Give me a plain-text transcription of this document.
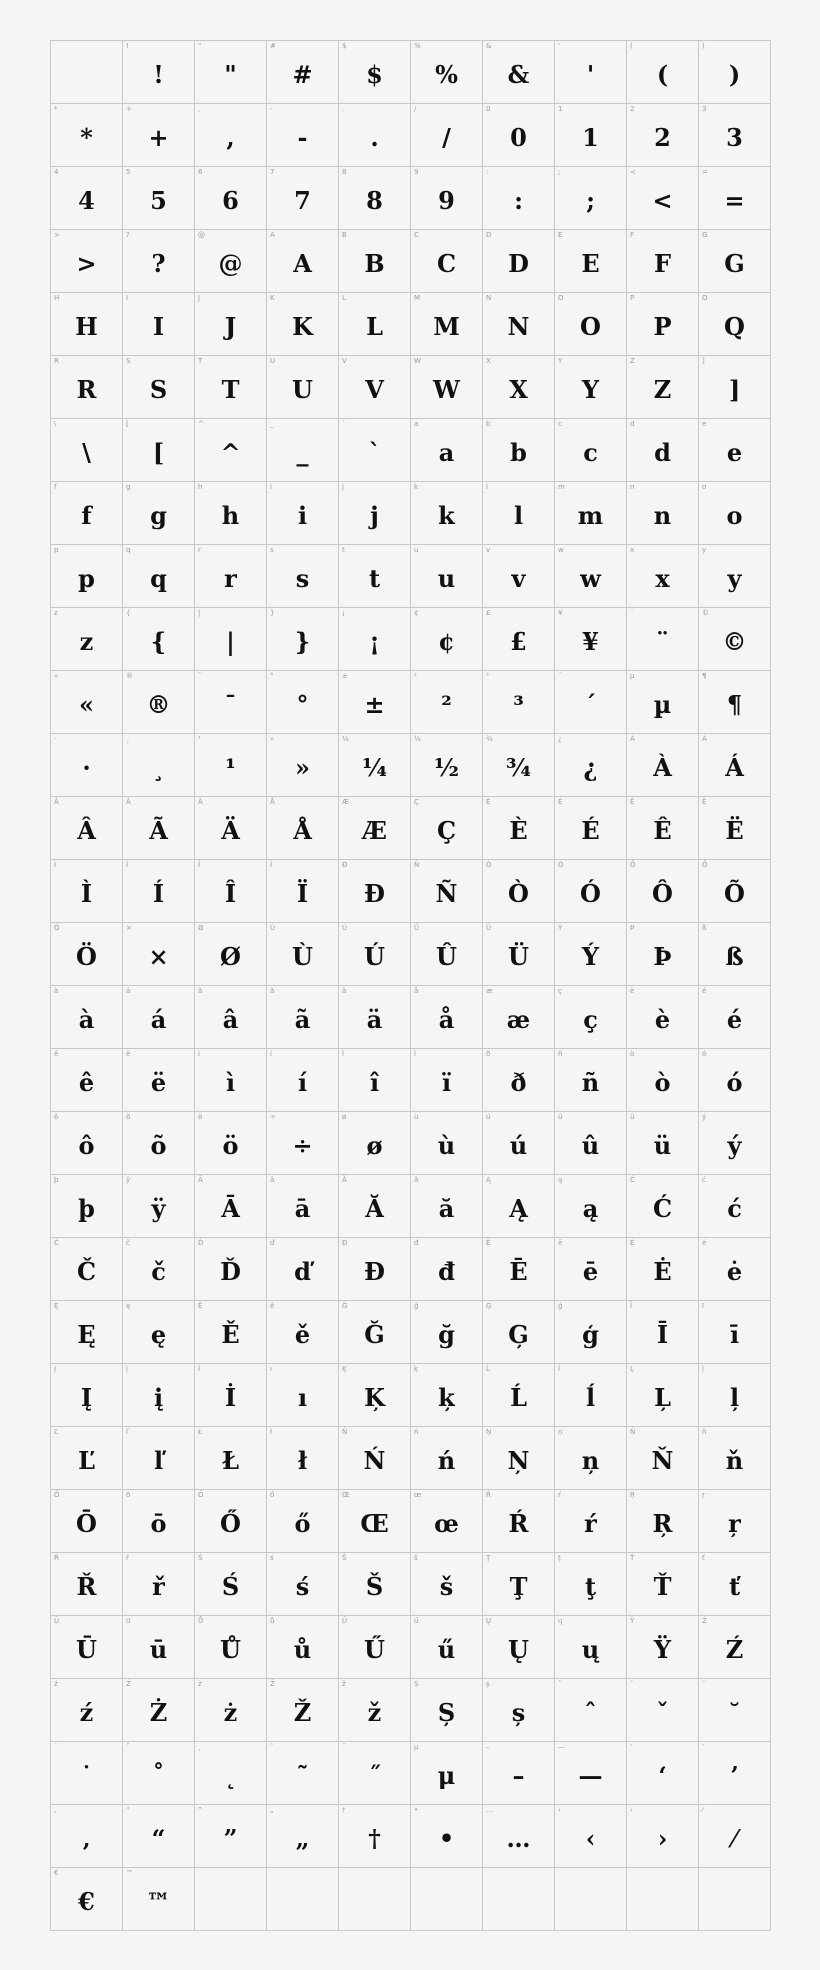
!
!
"
"
#
#
$
$
%
%
&
&
'
'
(
(
)
)
*
*
+
+
,
,
-
-
.
.
/
/
0
0
1
1
2
2
3
3
4
4
5
5
6
6
7
7
8
8
9
9
:
:
;
;
<
<
=
=
>
>
?
?
@
@
A
A
B
B
C
C
D
D
E
E
F
F
G
G
H
H
I
I
J
J
K
K
L
L
M
M
N
N
O
O
P
P
Q
Q
R
R
S
S
T
T
U
U
V
V
W
W
X
X
Y
Y
Z
Z
]
]
\
\
[
[
^
^
_
_
`
`
a
a
b
b
c
c
d
d
e
e
f
f
g
g
h
h
i
i
j
j
k
k
l
l
m
m
n
n
o
o
p
p
q
q
r
r
s
s
t
t
u
u
v
v
w
w
x
x
y
y
z
z
{
{
|
|
}
}
¡
¡
¢
¢
£
£
¥
¥
¨
¨
©
©
«
«
®
®
¯
¯
°
°
±
±
²
²
³
³
´
´
µ
µ
¶
¶
·
·
¸
¸
¹
¹
»
»
¼
¼
½
½
¾
¾
¿
¿
À
À
Á
Á
Â
Â
Ã
Ã
Ä
Ä
Å
Å
Æ
Æ
Ç
Ç
È
È
É
É
Ê
Ê
Ë
Ë
Ì
Ì
Í
Í
Î
Î
Ï
Ï
Ð
Ð
Ñ
Ñ
Ò
Ò
Ó
Ó
Ô
Ô
Õ
Õ
Ö
Ö
×
×
Ø
Ø
Ù
Ù
Ú
Ú
Û
Û
Ü
Ü
Ý
Ý
Þ
Þ
ß
ß
à
à
á
á
â
â
ã
ã
ä
ä
å
å
æ
æ
ç
ç
è
è
é
é
ê
ê
ë
ë
ì
ì
í
í
î
î
ï
ï
ð
ð
ñ
ñ
ò
ò
ó
ó
ô
ô
õ
õ
ö
ö
÷
÷
ø
ø
ù
ù
ú
ú
û
û
ü
ü
ý
ý
þ
þ
ÿ
ÿ
Ā
Ā
ā
ā
Ă
Ă
ă
ă
Ą
Ą
ą
ą
Ć
Ć
ć
ć
Č
Č
č
č
Ď
Ď
ď
ď
Đ
Đ
đ
đ
Ē
Ē
ē
ē
Ė
Ė
ė
ė
Ę
Ę
ę
ę
Ě
Ě
ě
ě
Ğ
Ğ
ğ
ğ
Ģ
Ģ
ģ
ģ
Ī
Ī
ī
ī
Į
Į
į
į
İ
İ
ı
ı
Ķ
Ķ
ķ
ķ
Ĺ
Ĺ
ĺ
ĺ
Ļ
Ļ
ļ
ļ
Ľ
Ľ
ľ
ľ
Ł
Ł
ł
ł
Ń
Ń
ń
ń
Ņ
Ņ
ņ
ņ
Ň
Ň
ň
ň
Ō
Ō
ō
ō
Ő
Ő
ő
ő
Œ
Œ
œ
œ
Ŕ
Ŕ
ŕ
ŕ
Ŗ
Ŗ
ŗ
ŗ
Ř
Ř
ř
ř
Ś
Ś
ś
ś
Š
Š
š
š
Ţ
Ţ
ţ
ţ
Ť
Ť
ť
ť
Ū
Ū
ū
ū
Ů
Ů
ů
ů
Ű
Ű
ű
ű
Ų
Ų
ų
ų
Ÿ
Ÿ
Ź
Ź
ź
ź
Ż
Ż
ż
ż
Ž
Ž
ž
ž
Ș
Ș
ș
ș
ˆ
ˆ
ˇ
ˇ
˘
˘
˙
˙
˚
˚
˛
˛
˜
˜
˝
˝
μ
μ
–
–
—
—
‘
‘
’
’
‚
‚
“
“
”
”
„
„
†
†
•
•
…
…
‹
‹
›
›
⁄
⁄
€
€
™
™
